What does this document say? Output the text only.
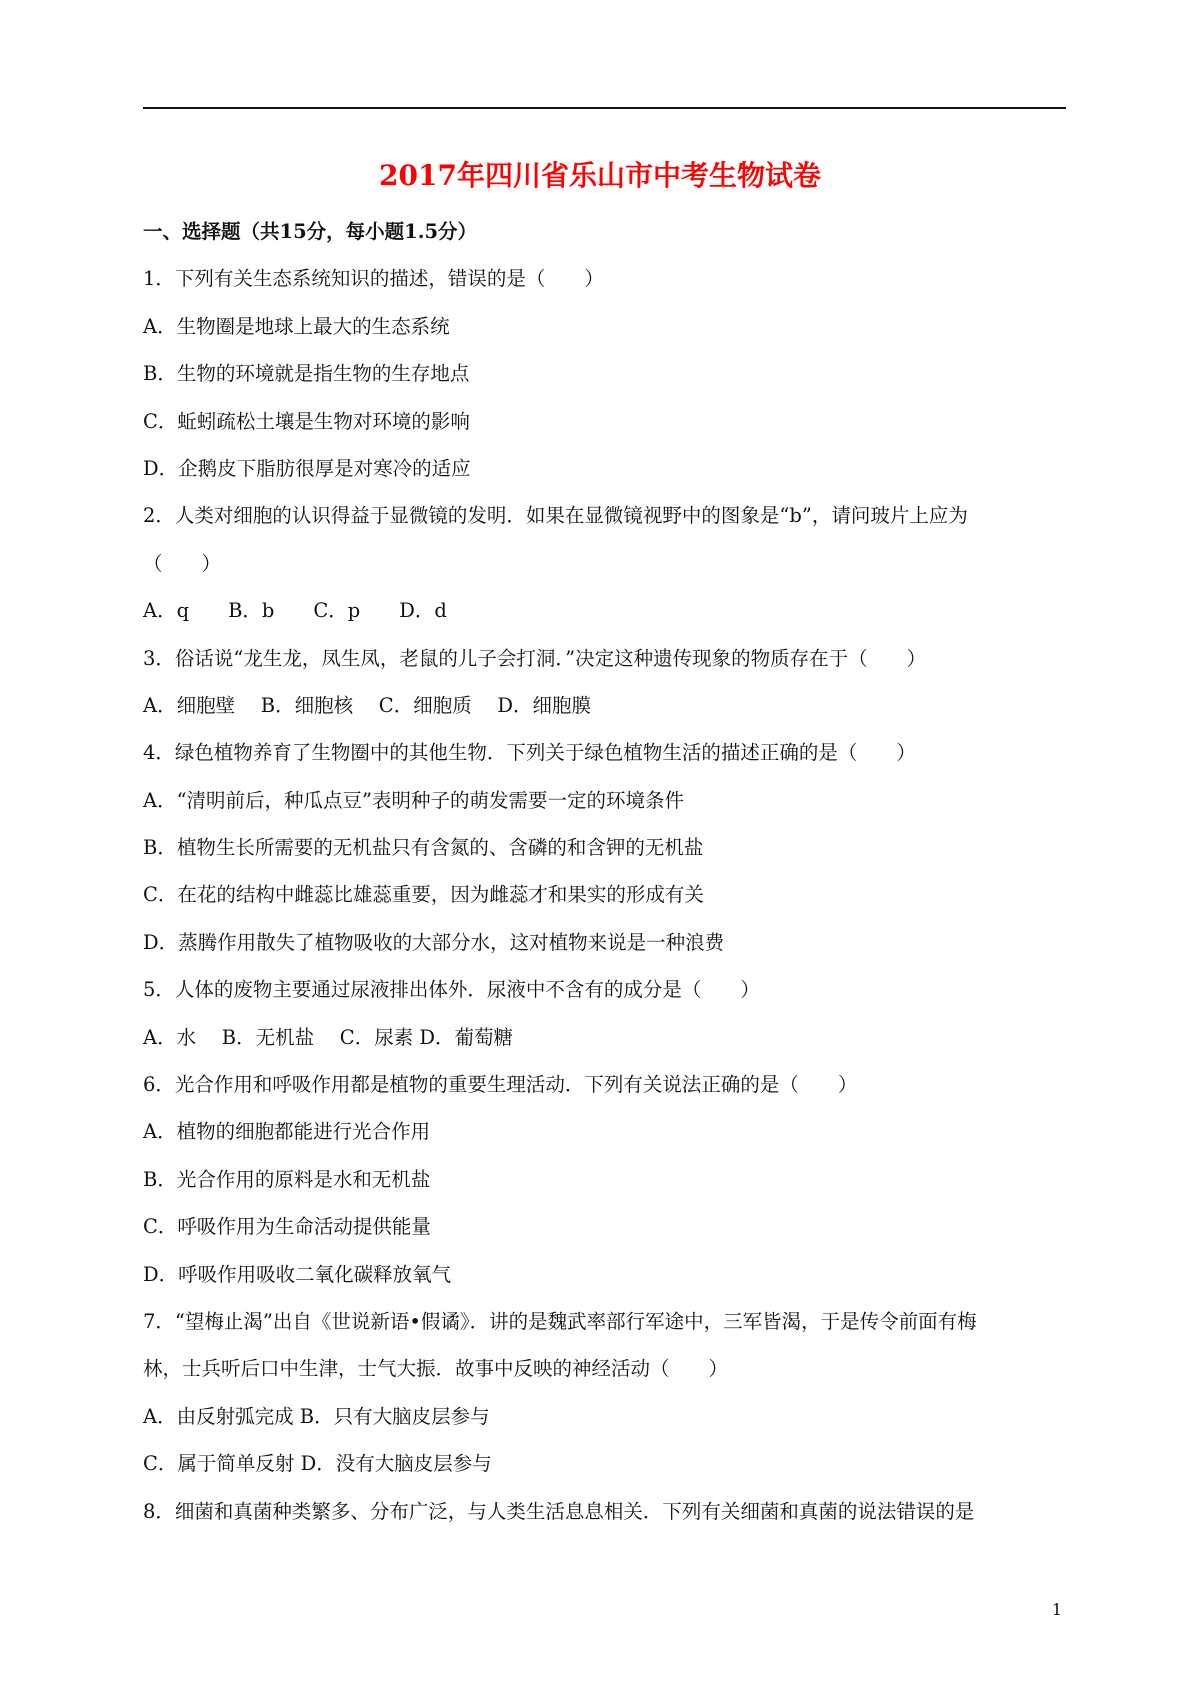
2017年四川省乐山市中考生物试卷
一、选择题（共15分，每小题1.5分）
1．下列有关生态系统知识的描述，错误的是（　　）
A．生物圈是地球上最大的生态系统
B．生物的环境就是指生物的生存地点
C．蚯蚓疏松土壤是生物对环境的影响
D．企鹅皮下脂肪很厚是对寒冷的适应
2．人类对细胞的认识得益于显微镜的发明．如果在显微镜视野中的图象是“b”，请问玻片上应为
（　　）
A．q　　B．b　　C．p　　D．d
3．俗话说“龙生龙，凤生凤，老鼠的儿子会打洞．”决定这种遗传现象的物质存在于（　　）
A．细胞壁　 B．细胞核　 C．细胞质　 D．细胞膜
4．绿色植物养育了生物圈中的其他生物．下列关于绿色植物生活的描述正确的是（　　）
A．“清明前后，种瓜点豆”表明种子的萌发需要一定的环境条件
B．植物生长所需要的无机盐只有含氮的、含磷的和含钾的无机盐
C．在花的结构中雌蕊比雄蕊重要，因为雌蕊才和果实的形成有关
D．蒸腾作用散失了植物吸收的大部分水，这对植物来说是一种浪费
5．人体的废物主要通过尿液排出体外．尿液中不含有的成分是（　　）
A．水　 B．无机盐　 C．尿素 D．葡萄糖
6．光合作用和呼吸作用都是植物的重要生理活动．下列有关说法正确的是（　　）
A．植物的细胞都能进行光合作用
B．光合作用的原料是水和无机盐
C．呼吸作用为生命活动提供能量
D．呼吸作用吸收二氧化碳释放氧气
7．“望梅止渴”出自《世说新语•假谲》．讲的是魏武率部行军途中，三军皆渴，于是传令前面有梅
林，士兵听后口中生津，士气大振．故事中反映的神经活动（　　）
A．由反射弧完成 B．只有大脑皮层参与
C．属于简单反射 D．没有大脑皮层参与
8．细菌和真菌种类繁多、分布广泛，与人类生活息息相关．下列有关细菌和真菌的说法错误的是
1
